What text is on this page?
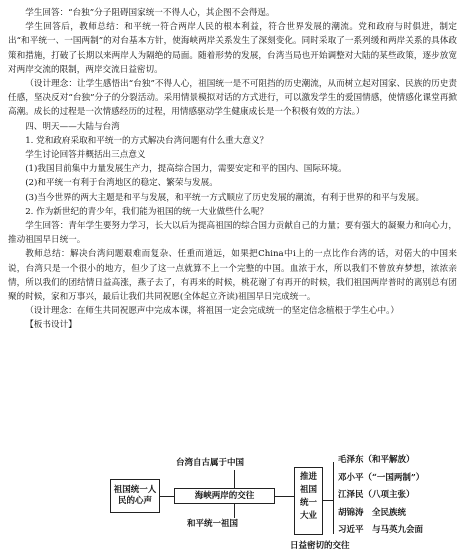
学生回答：“台独”分子阻碍国家统一不得人心，其企图不会得逞。

学生回答后，教师总结：和平统一符合两岸人民的根本利益，符合世界发展的潮流。党和政府与时俱进，制定出“和平统一、一国两制”的对台基本方针，使海峡两岸关系发生了深刻变化。同时采取了一系列缓和两岸关系的具体政策和措施，打破了长期以来两岸人为隔绝的局面。随着形势的发展，台湾当局也开始调整对大陆的某些政策，逐步放宽对两岸交流的限制，两岸交流日益密切。

（设计理念：让学生感悟出“台独”不得人心，祖国统一是不可阻挡的历史潮流，从而树立起对国家、民族的历史责任感，坚决反对“台独”分子的分裂活动。采用情景模拟对话的方式进行，可以激发学生的爱国情感，使情感化课堂再掀高潮。成长的过程是一次情感经历的过程，用情感驱动学生健康成长是一个积极有效的方法。）

四、明天——大陆与台湾

1. 党和政府采取和平统一的方式解决台湾问题有什么重大意义？

学生讨论回答并概括出三点意义

(1)我国目前集中力量发展生产力，提高综合国力，需要安定和平的国内、国际环境。

(2)和平统一有利于台湾地区的稳定、繁荣与发展。

(3)当今世界的两大主题是和平与发展，和平统一方式顺应了历史发展的潮流，有利于世界的和平与发展。

2. 作为新世纪的青少年，我们能为祖国的统一大业做些什么呢？

学生回答：青年学生要努力学习，长大以后为提高祖国的综合国力贡献自己的力量；要有强大的凝聚力和向心力，推动祖国早日统一。

教师总结：解决台湾问题艰难而复杂、任重而道远，如果把China中i上的一点比作台湾的话，对偌大的中国来说，台湾只是一个很小的地方，但少了这一点就算不上一个完整的中国。血浓于水，所以我们不曾放弃梦想，浓浓亲情，所以我们的团结情日益高涨，燕子去了，有再来的时候，桃花谢了有再开的时候，我们祖国两岸普时的离别总有团聚的时候，家和万事兴，最后让我们共同祝愿(全体起立齐读)祖国早日完成统一。

（设计理念：在师生共同祝愿声中完成本课，将祖国一定会完成统一的坚定信念植根于学生心中。）

【板书设计】

台湾自古属于中国
祖国统一人民的心声	海峡两岸的交往
和平统一祖国
推进祖国统一大业
毛泽东（和平解放）
邓小平（“一国两制”）
江泽民（八项主张）
胡锦涛　全民族统
习近平　与马英九会面
日益密切的交往
